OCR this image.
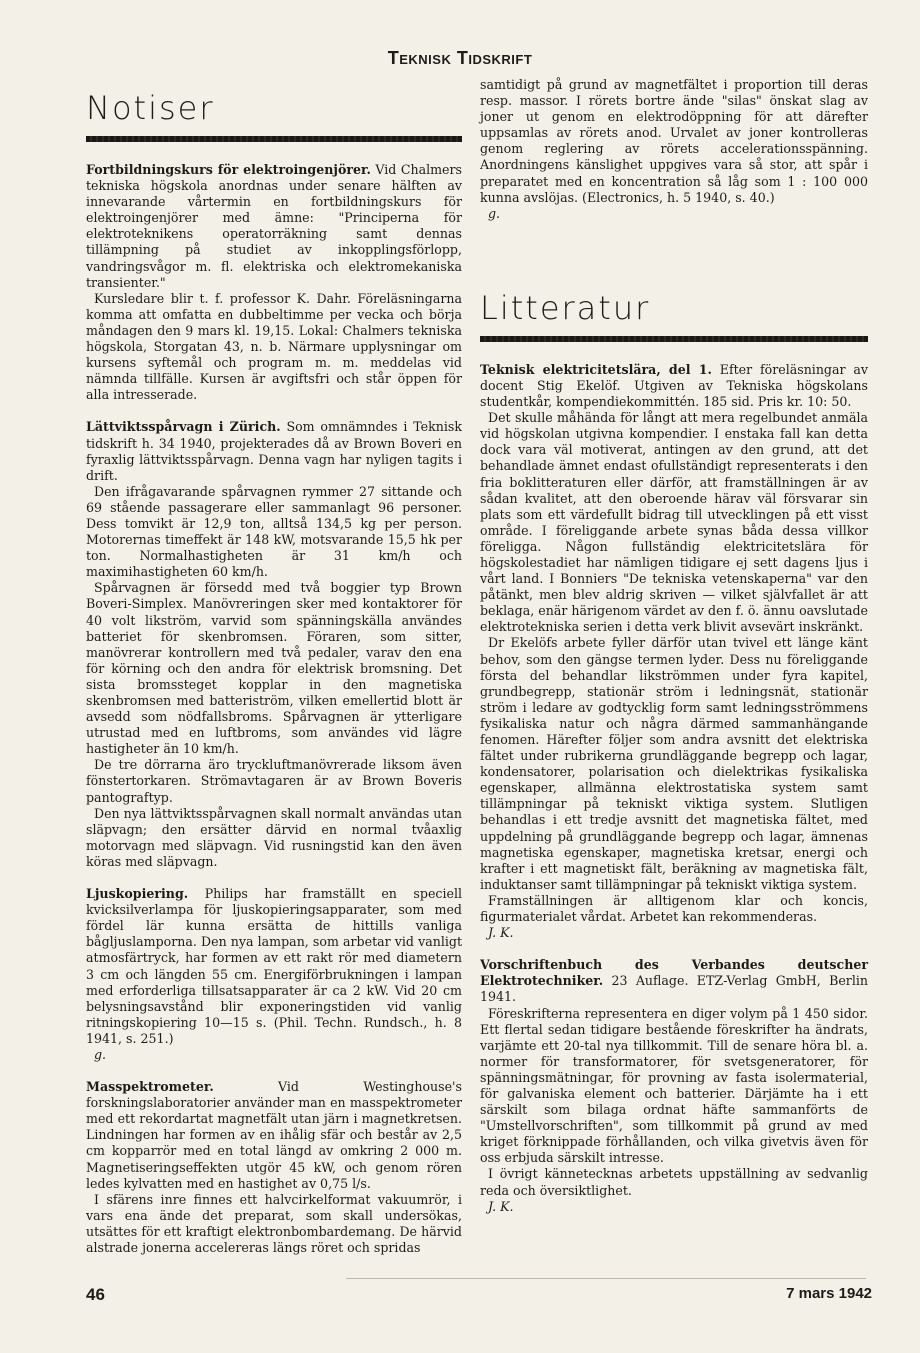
Teknisk Tidskrift
Notiser

Fortbildningskurs för elektroingenjörer. Vid Chalmers tekniska högskola anordnas under senare hälften av innevarande vårtermin en fortbildningskurs för elektroingenjörer med ämne: "Principerna för elektroteknikens operatorräkning samt dennas tillämpning på studiet av inkopplingsförlopp, vandringsvågor m. fl. elektriska och elektromekaniska transienter."

Kursledare blir t. f. professor K. Dahr. Föreläsningarna komma att omfatta en dubbeltimme per vecka och börja måndagen den 9 mars kl. 19,15. Lokal: Chalmers tekniska högskola, Storgatan 43, n. b. Närmare upplysningar om kursens syftemål och program m. m. meddelas vid nämnda tillfälle. Kursen är avgiftsfri och står öppen för alla intresserade.

Lättviktsspårvagn i Zürich. Som omnämndes i Teknisk tidskrift h. 34 1940, projekterades då av Brown Boveri en fyraxlig lättviktsspårvagn. Denna vagn har nyligen tagits i drift.

Den ifrågavarande spårvagnen rymmer 27 sittande och 69 stående passagerare eller sammanlagt 96 personer. Dess tomvikt är 12,9 ton, alltså 134,5 kg per person. Motorernas timeffekt är 148 kW, motsvarande 15,5 hk per ton. Normalhastigheten är 31 km/h och maximihastigheten 60 km/h.

Spårvagnen är försedd med två boggier typ Brown Boveri-Simplex. Manövreringen sker med kontaktorer för 40 volt likström, varvid som spänningskälla användes batteriet för skenbromsen. Föraren, som sitter, manövrerar kontrollern med två pedaler, varav den ena för körning och den andra för elektrisk bromsning. Det sista bromssteget kopplar in den magnetiska skenbromsen med batteriström, vilken emellertid blott är avsedd som nödfallsbroms. Spårvagnen är ytterligare utrustad med en luftbroms, som användes vid lägre hastigheter än 10 km/h.

De tre dörrarna äro tryckluftmanövrerade liksom även fönstertorkaren. Strömavtagaren är av Brown Boveris pantograftyp.

Den nya lättviktsspårvagnen skall normalt användas utan släpvagn; den ersätter därvid en normal tvåaxlig motorvagn med släpvagn. Vid rusningstid kan den även köras med släpvagn.

Ljuskopiering. Philips har framställt en speciell kvicksilverlampa för ljuskopieringsapparater, som med fördel lär kunna ersätta de hittills vanliga bågljuslamporna. Den nya lampan, som arbetar vid vanligt atmosfärtryck, har formen av ett rakt rör med diametern 3 cm och längden 55 cm. Energiförbrukningen i lampan med erforderliga tillsatsapparater är ca 2 kW. Vid 20 cm belysningsavstånd blir exponeringstiden vid vanlig ritningskopiering 10—15 s. (Phil. Techn. Rundsch., h. 8 1941, s. 251.)

g.

Masspektrometer.	Vid Westinghouse's forskningslaboratorier använder man en masspektrometer med ett rekordartat magnetfält utan järn i magnetkretsen. Lindningen har formen av en ihålig sfär och består av 2,5 cm kopparrör med en total längd av omkring 2 000 m. Magnetiseringseffekten utgör 45 kW, och genom rören ledes kylvatten med en hastighet av 0,75 l/s.

I sfärens inre finnes ett halvcirkelformat vakuumrör, i vars ena ände det preparat, som skall undersökas, utsättes för ett kraftigt elektronbombardemang. De härvid alstrade jonerna accelereras längs röret och spridas

samtidigt på grund av magnetfältet i proportion till deras resp. massor. I rörets bortre ände "silas" önskat slag av joner ut genom en elektrodöppning för att därefter uppsamlas av rörets anod. Urvalet av joner kontrolleras genom reglering av rörets accelerationsspänning. Anordningens känslighet uppgives vara så stor, att spår i preparatet med en koncentration så låg som 1 : 100 000 kunna avslöjas. (Electronics, h. 5 1940, s. 40.)

g.

Litteratur

Teknisk elektricitetslära, del 1. Efter föreläsningar av docent Stig Ekelöf. Utgiven av Tekniska högskolans studentkår, kompendiekommittén. 185 sid. Pris kr. 10: 50.

Det skulle måhända för långt att mera regelbundet anmäla vid högskolan utgivna kompendier. I enstaka fall kan detta dock vara väl motiverat, antingen av den grund, att det behandlade ämnet endast ofullständigt representerats i den fria boklitteraturen eller därför, att framställningen är av sådan kvalitet, att den oberoende härav väl försvarar sin plats som ett värdefullt bidrag till utvecklingen på ett visst område. I föreliggande arbete synas båda dessa villkor föreligga. Någon fullständig elektricitetslära för högskolestadiet har nämligen tidigare ej sett dagens ljus i vårt land. I Bonniers "De tekniska vetenskaperna" var den påtänkt, men blev aldrig skriven — vilket självfallet är att beklaga, enär härigenom värdet av den f. ö. ännu oavslutade elektrotekniska serien i detta verk blivit avsevärt inskränkt.

Dr Ekelöfs arbete fyller därför utan tvivel ett länge känt behov, som den gängse termen lyder. Dess nu föreliggande första del behandlar likströmmen under fyra kapitel, grundbegrepp, stationär ström i ledningsnät, stationär ström i ledare av godtycklig form samt ledningsströmmens fysikaliska natur och några därmed sammanhängande fenomen. Härefter följer som andra avsnitt det elektriska fältet under rubrikerna grundläggande begrepp och lagar, kondensatorer, polarisation och dielektrikas fysikaliska egenskaper, allmänna elektrostatiska system samt tillämpningar på tekniskt viktiga system. Slutligen behandlas i ett tredje avsnitt det magnetiska fältet, med uppdelning på grundläggande begrepp och lagar, ämnenas magnetiska egenskaper, magnetiska kretsar, energi och krafter i ett magnetiskt fält, beräkning av magnetiska fält, induktanser samt tillämpningar på tekniskt viktiga system.

Framställningen är alltigenom klar och koncis, figurmaterialet vårdat. Arbetet kan rekommenderas.

J. K.

Vorschriftenbuch des Verbandes deutscher Elektrotechniker. 23 Auflage. ETZ-Verlag GmbH, Berlin 1941.

Föreskrifterna representera en diger volym på 1 450 sidor. Ett flertal sedan tidigare bestående föreskrifter ha ändrats, varjämte ett 20-tal nya tillkommit. Till de senare höra bl. a. normer för transformatorer, för svetsgeneratorer, för spänningsmätningar, för provning av fasta isolermaterial, för galvaniska element och batterier. Därjämte ha i ett särskilt som bilaga ordnat häfte sammanförts de "Umstellvorschriften", som tillkommit på grund av med kriget förknippade förhållanden, och vilka givetvis även för oss erbjuda särskilt intresse.

I övrigt kännetecknas arbetets uppställning av sedvanlig reda och översiktlighet.

J. K.

46	7 mars 1942
